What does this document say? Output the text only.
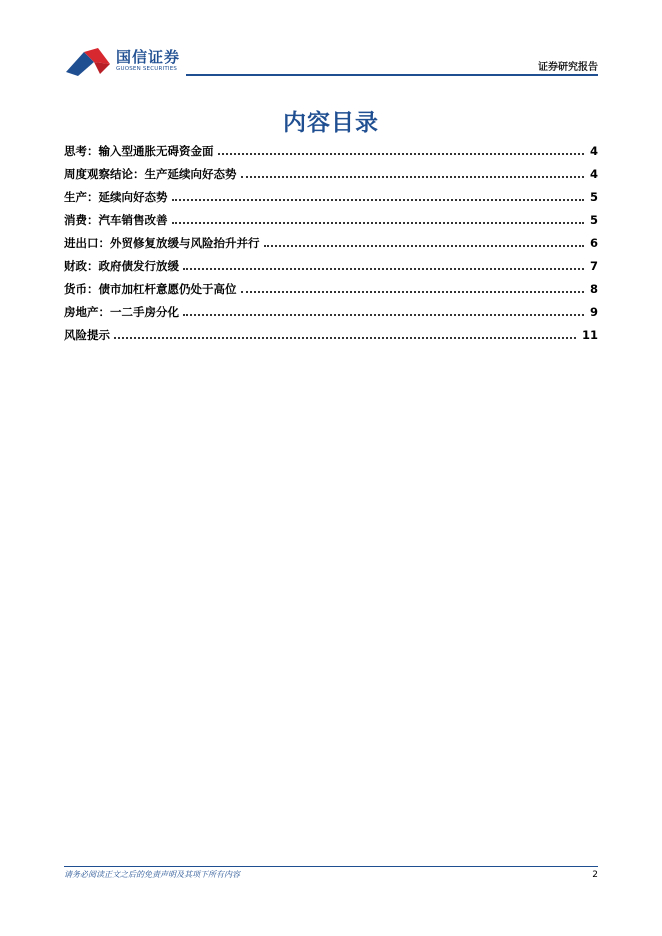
国信证券
GUOSEN SECURITIES	证券研究报告
内容目录
思考：输入型通胀无碍资金面	4
周度观察结论：生产延续向好态势	4
生产：延续向好态势	5
消费：汽车销售改善	5
进出口：外贸修复放缓与风险抬升并行	6
财政：政府债发行放缓	7
货币：债市加杠杆意愿仍处于高位	8
房地产：一二手房分化	9
风险提示	11
请务必阅读正文之后的免责声明及其项下所有内容	2
